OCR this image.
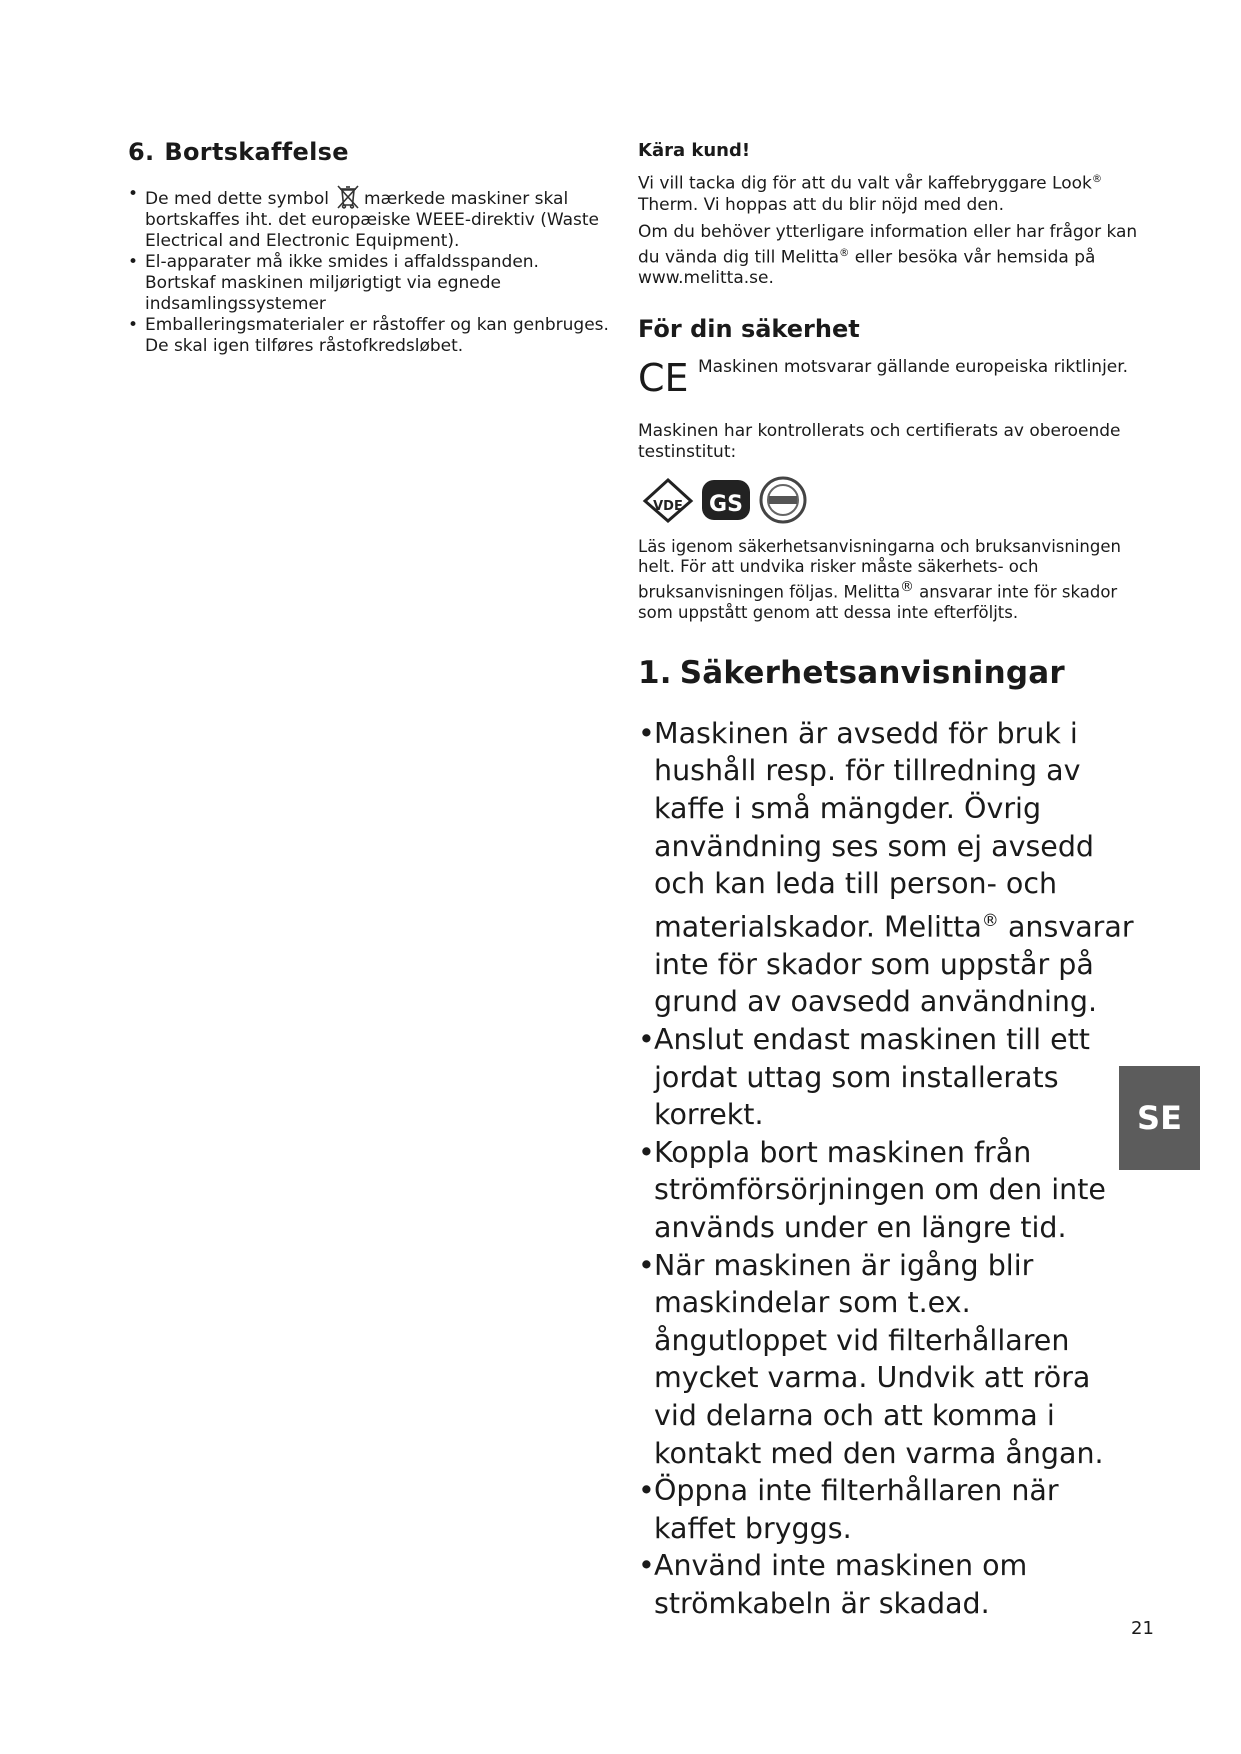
6. Bortskaffelse
• De med dette symbol mærkede maskiner skal bortskaffes iht. det europæiske WEEE-direktiv (Waste Electrical and Electronic Equipment).
• El-apparater må ikke smides i affaldsspanden. Bortskaf maskinen miljørigtigt via egnede indsamlingssystemer
• Emballeringsmaterialer er råstoffer og kan genbruges. De skal igen tilføres råstofkredsløbet.
Kära kund!

Vi vill tacka dig för att du valt vår kaffebryggare Look® Therm. Vi hoppas att du blir nöjd med den.

Om du behöver ytterligare information eller har frågor kan du vända dig till Melitta® eller besöka vår hemsida på www.melitta.se.

För din säkerhet
CE Maskinen motsvarar gällande europeiska riktlinjer.

Maskinen har kontrollerats och certifierats av oberoende testinstitut:

VDE GS

Läs igenom säkerhetsanvisningarna och bruksanvisningen helt. För att undvika risker måste säkerhets- och bruksanvisningen följas. Melitta® ansvarar inte för skador som uppstått genom att dessa inte efterföljts.

1. Säkerhetsanvisningar
• Maskinen är avsedd för bruk i hushåll resp. för tillredning av kaffe i små mängder. Övrig användning ses som ej avsedd och kan leda till person- och materialskador. Melitta® ansvarar inte för skador som uppstår på grund av oavsedd användning.
• Anslut endast maskinen till ett jordat uttag som installerats korrekt.
• Koppla bort maskinen från strömförsörjningen om den inte används under en längre tid.
• När maskinen är igång blir maskindelar som t.ex. ångutloppet vid filterhållaren mycket varma. Undvik att röra vid delarna och att komma i kontakt med den varma ångan.
• Öppna inte filterhållaren när kaffet bryggs.
• Använd inte maskinen om strömkabeln är skadad.
SE
21
